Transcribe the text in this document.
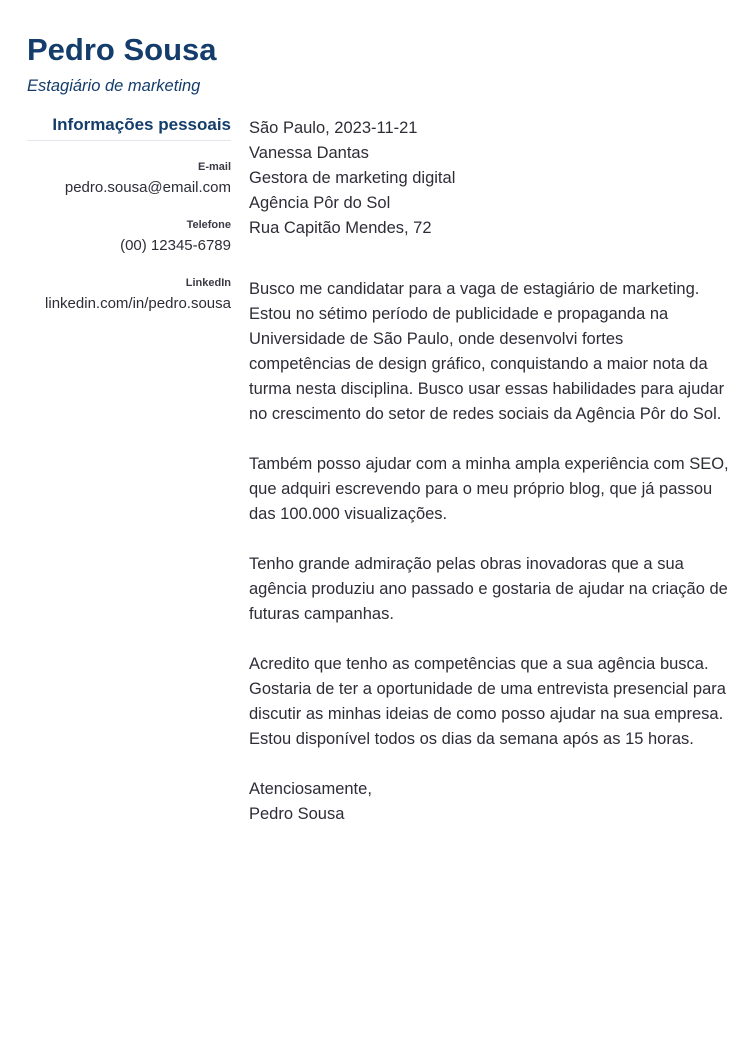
Pedro Sousa
Estagiário de marketing
Informações pessoais
E-mail
pedro.sousa@email.com
Telefone
(00) 12345-6789
LinkedIn
linkedin.com/in/pedro.sousa
São Paulo, 2023-11-21
Vanessa Dantas
Gestora de marketing digital
Agência Pôr do Sol
Rua Capitão Mendes, 72

Busco me candidatar para a vaga de estagiário de marketing. Estou no sétimo período de publicidade e propaganda na Universidade de São Paulo, onde desenvolvi fortes competências de design gráfico, conquistando a maior nota da turma nesta disciplina. Busco usar essas habilidades para ajudar no crescimento do setor de redes sociais da Agência Pôr do Sol.

Também posso ajudar com a minha ampla experiência com SEO, que adquiri escrevendo para o meu próprio blog, que já passou das 100.000 visualizações.

Tenho grande admiração pelas obras inovadoras que a sua agência produziu ano passado e gostaria de ajudar na criação de futuras campanhas.

Acredito que tenho as competências que a sua agência busca. Gostaria de ter a oportunidade de uma entrevista presencial para discutir as minhas ideias de como posso ajudar na sua empresa. Estou disponível todos os dias da semana após as 15 horas.

Atenciosamente,
Pedro Sousa
